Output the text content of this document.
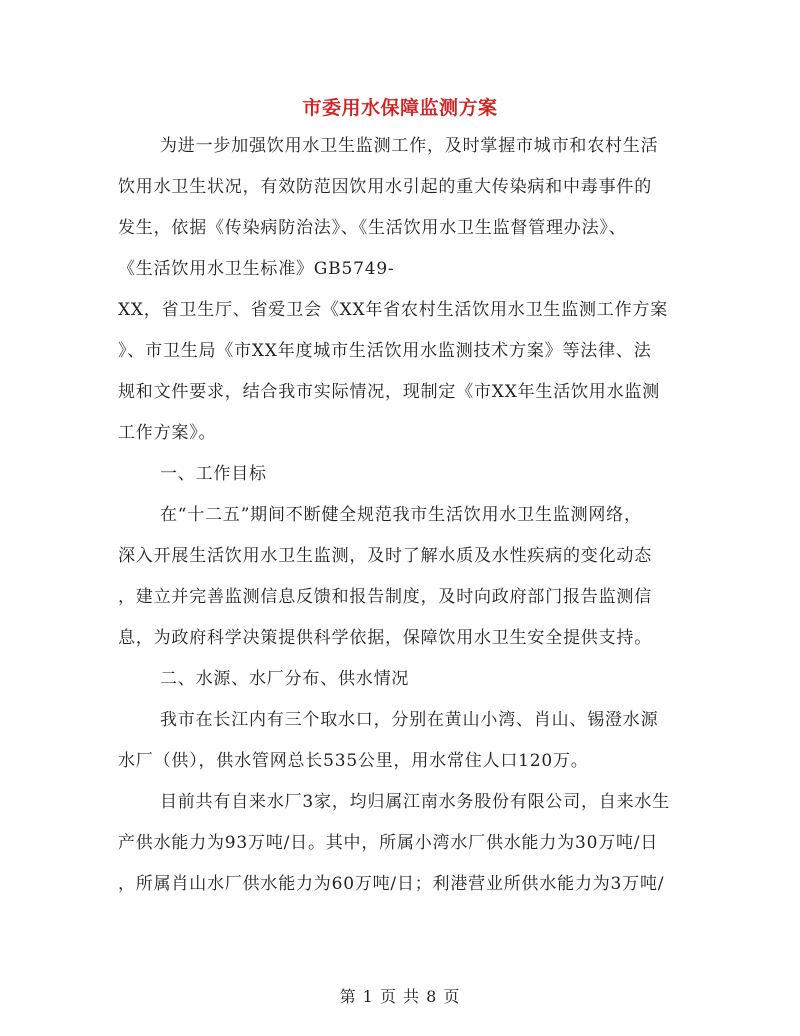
市委用水保障监测方案
为进一步加强饮用水卫生监测工作，及时掌握市城市和农村生活
饮用水卫生状况，有效防范因饮用水引起的重大传染病和中毒事件的
发生，依据《传染病防治法》、《生活饮用水卫生监督管理办法》、
《生活饮用水卫生标准》GB5749-
XX，省卫生厅、省爱卫会《XX年省农村生活饮用水卫生监测工作方案
》、市卫生局《市XX年度城市生活饮用水监测技术方案》等法律、法
规和文件要求，结合我市实际情况，现制定《市XX年生活饮用水监测
工作方案》。
一、工作目标
在“十二五”期间不断健全规范我市生活饮用水卫生监测网络，
深入开展生活饮用水卫生监测，及时了解水质及水性疾病的变化动态
，建立并完善监测信息反馈和报告制度，及时向政府部门报告监测信
息，为政府科学决策提供科学依据，保障饮用水卫生安全提供支持。
二、水源、水厂分布、供水情况
我市在长江内有三个取水口，分别在黄山小湾、肖山、锡澄水源
水厂（供），供水管网总长535公里，用水常住人口120万。
目前共有自来水厂3家，均归属江南水务股份有限公司，自来水生
产供水能力为93万吨/日。其中，所属小湾水厂供水能力为30万吨/日
，所属肖山水厂供水能力为60万吨/日；利港营业所供水能力为3万吨/
第 1 页 共 8 页
